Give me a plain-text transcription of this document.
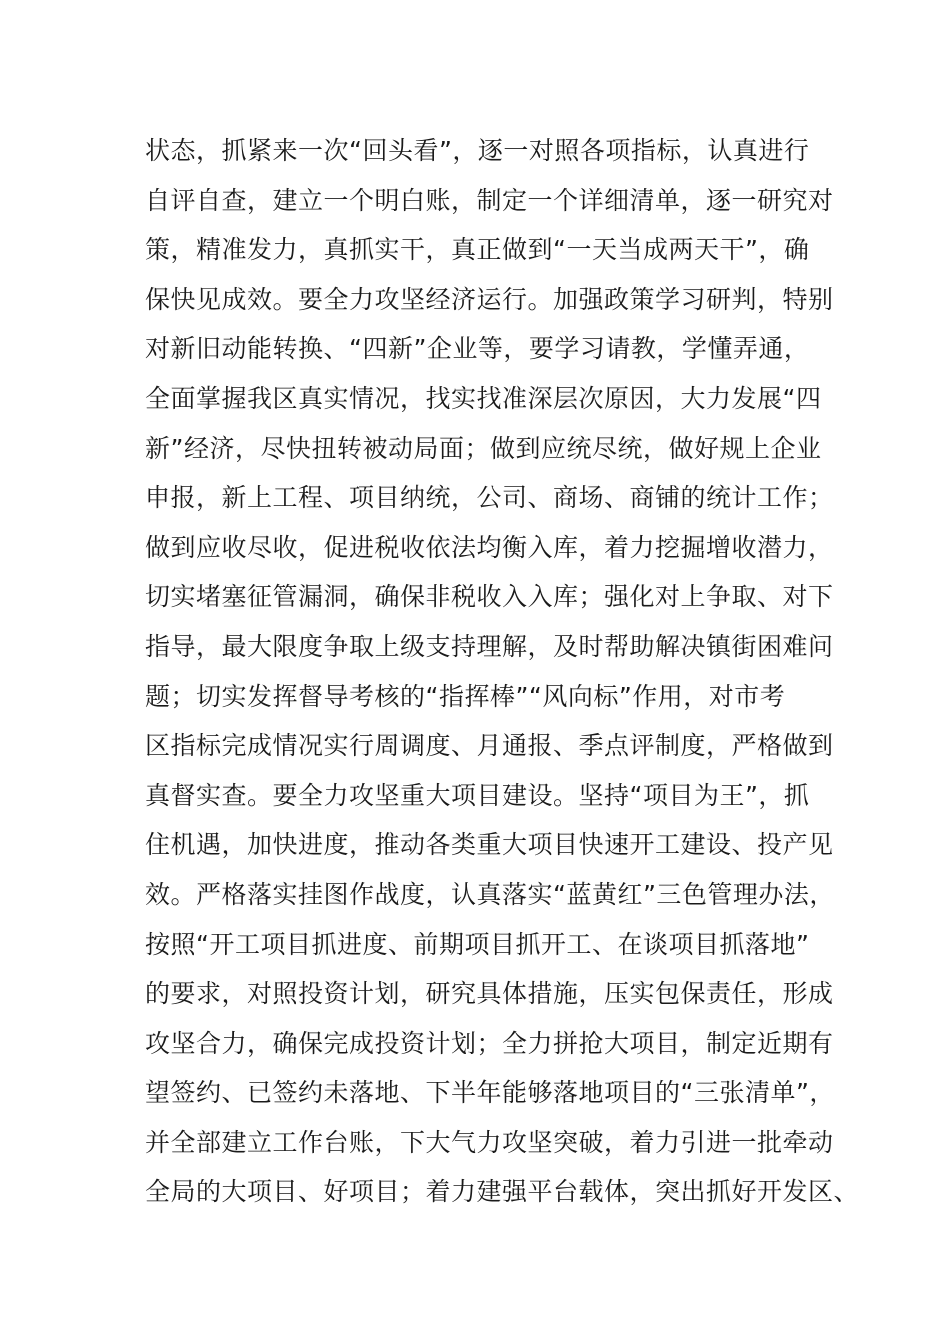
状态，抓紧来一次“回头看”，逐一对照各项指标，认真进行
自评自查，建立一个明白账，制定一个详细清单，逐一研究对
策，精准发力，真抓实干，真正做到“一天当成两天干”，确
保快见成效。要全力攻坚经济运行。加强政策学习研判，特别
对新旧动能转换、“四新”企业等，要学习请教，学懂弄通，
全面掌握我区真实情况，找实找准深层次原因，大力发展“四
新”经济，尽快扭转被动局面；做到应统尽统，做好规上企业
申报，新上工程、项目纳统，公司、商场、商铺的统计工作；
做到应收尽收，促进税收依法均衡入库，着力挖掘增收潜力，
切实堵塞征管漏洞，确保非税收入入库；强化对上争取、对下
指导，最大限度争取上级支持理解，及时帮助解决镇街困难问
题；切实发挥督导考核的“指挥棒”“风向标”作用，对市考
区指标完成情况实行周调度、月通报、季点评制度，严格做到
真督实查。要全力攻坚重大项目建设。坚持“项目为王”，抓
住机遇，加快进度，推动各类重大项目快速开工建设、投产见
效。严格落实挂图作战度，认真落实“蓝黄红”三色管理办法，
按照“开工项目抓进度、前期项目抓开工、在谈项目抓落地”
的要求，对照投资计划，研究具体措施，压实包保责任，形成
攻坚合力，确保完成投资计划；全力拼抢大项目，制定近期有
望签约、已签约未落地、下半年能够落地项目的“三张清单”，
并全部建立工作台账，下大气力攻坚突破，着力引进一批牵动
全局的大项目、好项目；着力建强平台载体，突出抓好开发区、
